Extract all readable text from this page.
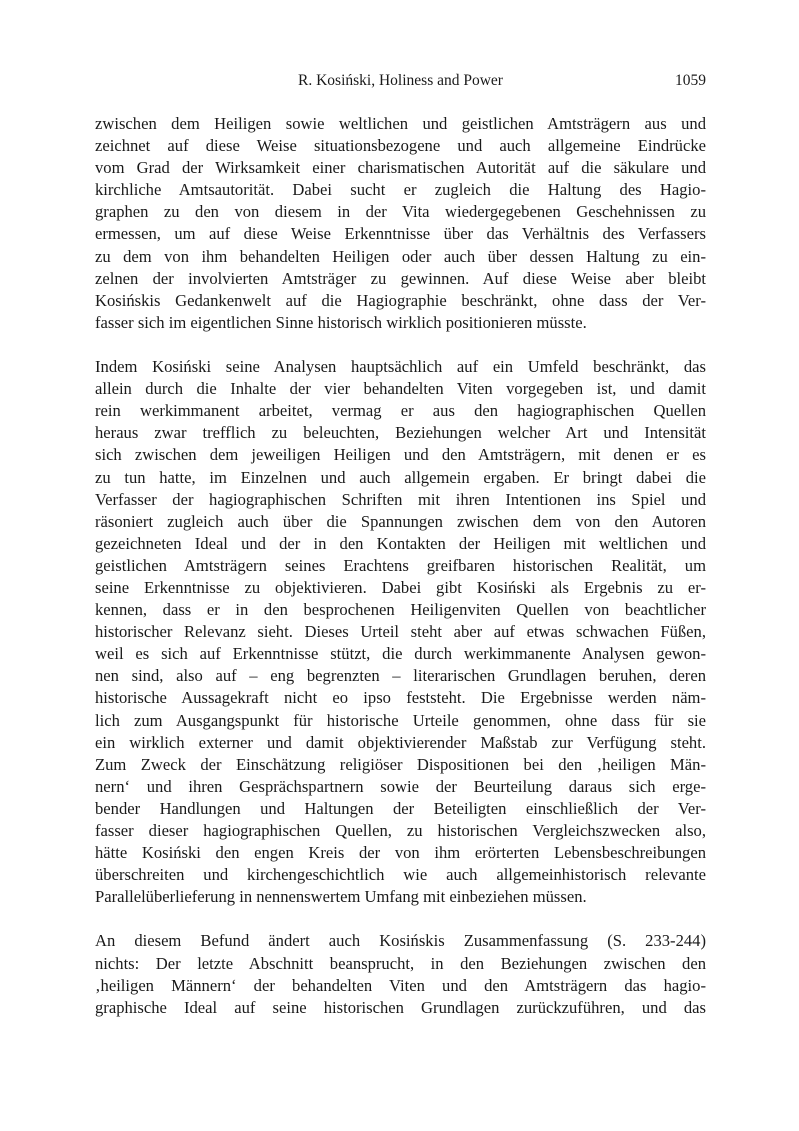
R. Kosiński, Holiness and Power	1059
zwischen dem Heiligen sowie weltlichen und geistlichen Amtsträgern aus und
zeichnet auf diese Weise situationsbezogene und auch allgemeine Eindrücke
vom Grad der Wirksamkeit einer charismatischen Autorität auf die säkulare und
kirchliche Amtsautorität. Dabei sucht er zugleich die Haltung des Hagio-
graphen zu den von diesem in der Vita wiedergegebenen Geschehnissen zu
ermessen, um auf diese Weise Erkenntnisse über das Verhältnis des Verfassers
zu dem von ihm behandelten Heiligen oder auch über dessen Haltung zu ein-
zelnen der involvierten Amtsträger zu gewinnen. Auf diese Weise aber bleibt
Kosińskis Gedankenwelt auf die Hagiographie beschränkt, ohne dass der Ver-
fasser sich im eigentlichen Sinne historisch wirklich positionieren müsste.
Indem Kosiński seine Analysen hauptsächlich auf ein Umfeld beschränkt, das
allein durch die Inhalte der vier behandelten Viten vorgegeben ist, und damit
rein werkimmanent arbeitet, vermag er aus den hagiographischen Quellen
heraus zwar trefflich zu beleuchten, Beziehungen welcher Art und Intensität
sich zwischen dem jeweiligen Heiligen und den Amtsträgern, mit denen er es
zu tun hatte, im Einzelnen und auch allgemein ergaben. Er bringt dabei die
Verfasser der hagiographischen Schriften mit ihren Intentionen ins Spiel und
räsoniert zugleich auch über die Spannungen zwischen dem von den Autoren
gezeichneten Ideal und der in den Kontakten der Heiligen mit weltlichen und
geistlichen Amtsträgern seines Erachtens greifbaren historischen Realität, um
seine Erkenntnisse zu objektivieren. Dabei gibt Kosiński als Ergebnis zu er-
kennen, dass er in den besprochenen Heiligenviten Quellen von beachtlicher
historischer Relevanz sieht. Dieses Urteil steht aber auf etwas schwachen Füßen,
weil es sich auf Erkenntnisse stützt, die durch werkimmanente Analysen gewon-
nen sind, also auf – eng begrenzten – literarischen Grundlagen beruhen, deren
historische Aussagekraft nicht eo ipso feststeht. Die Ergebnisse werden näm-
lich zum Ausgangspunkt für historische Urteile genommen, ohne dass für sie
ein wirklich externer und damit objektivierender Maßstab zur Verfügung steht.
Zum Zweck der Einschätzung religiöser Dispositionen bei den ‚heiligen Män-
nern‘ und ihren Gesprächspartnern sowie der Beurteilung daraus sich erge-
bender Handlungen und Haltungen der Beteiligten einschließlich der Ver-
fasser dieser hagiographischen Quellen, zu historischen Vergleichszwecken also,
hätte Kosiński den engen Kreis der von ihm erörterten Lebensbeschreibungen
überschreiten und kirchengeschichtlich wie auch allgemeinhistorisch relevante
Parallelüberlieferung in nennenswertem Umfang mit einbeziehen müssen.
An diesem Befund ändert auch Kosińskis Zusammenfassung (S. 233-244)
nichts: Der letzte Abschnitt beansprucht, in den Beziehungen zwischen den
‚heiligen Männern‘ der behandelten Viten und den Amtsträgern das hagio-
graphische Ideal auf seine historischen Grundlagen zurückzuführen, und das
